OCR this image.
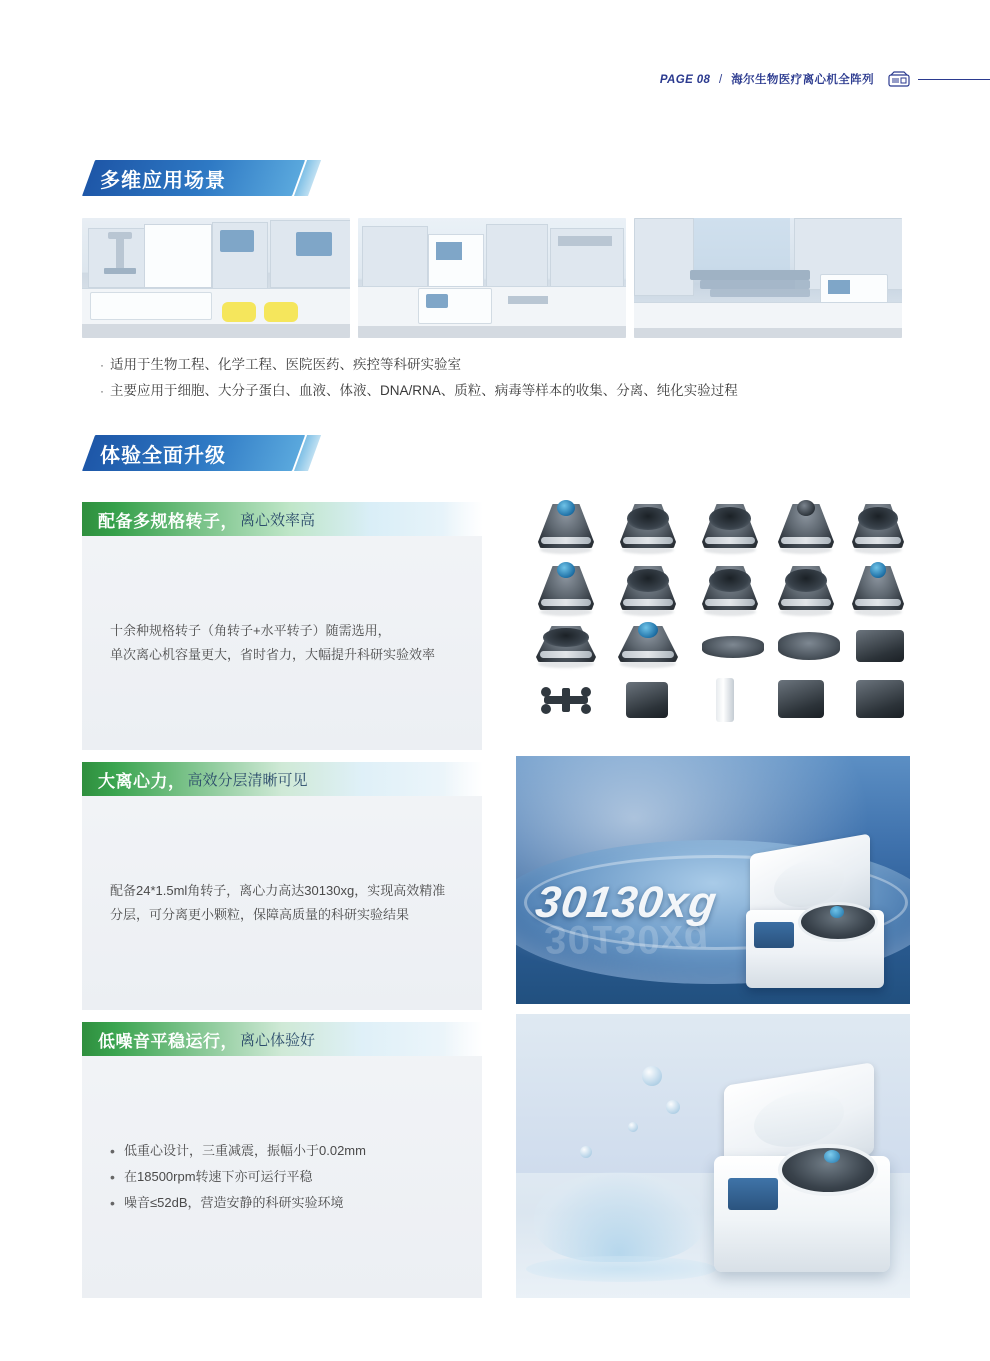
PAGE 08 / 海尔生物医疗离心机全阵列
多维应用场景
· 适用于生物工程、化学工程、医院医药、疾控等科研实验室
· 主要应用于细胞、大分子蛋白、血液、体液、DNA/RNA、质粒、病毒等样本的收集、分离、纯化实验过程
体验全面升级
配备多规格转子， 离心效率高
十余种规格转子（角转子+水平转子）随需选用，
单次离心机容量更大，省时省力，大幅提升科研实验效率
大离心力， 高效分层清晰可见
配备24*1.5ml角转子，离心力高达30130xg，实现高效精准
分层，可分离更小颗粒，保障高质量的科研实验结果	30130xg
30130xg
低噪音平稳运行， 离心体验好
• 低重心设计，三重减震，振幅小于0.02mm
• 在18500rpm转速下亦可运行平稳
• 噪音≤52dB，营造安静的科研实验环境
